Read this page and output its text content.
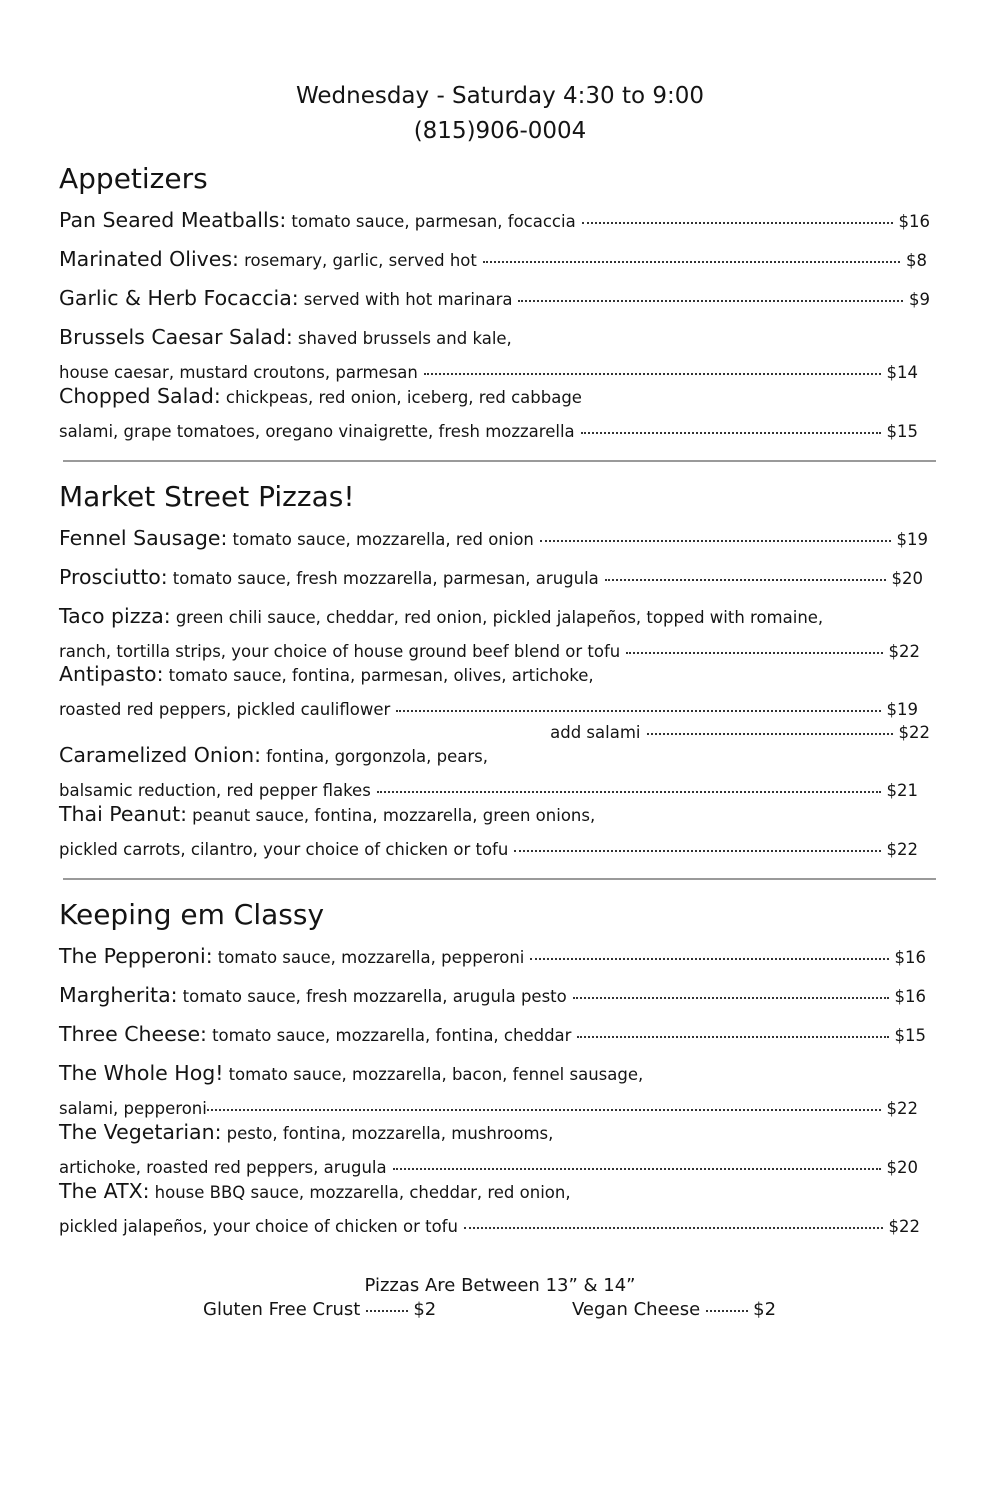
Wednesday - Saturday 4:30 to 9:00
(815)906-0004
Appetizers
Pan Seared Meatballs:
tomato sauce, parmesan, focaccia	$16
Marinated Olives:
rosemary, garlic, served hot	$8
Garlic & Herb Focaccia:
served with hot marinara	$9
Brussels Caesar Salad:
shaved brussels and kale,
house caesar, mustard croutons, parmesan	$14
Chopped Salad:
chickpeas, red onion, iceberg, red cabbage
salami, grape tomatoes, oregano vinaigrette, fresh mozzarella	$15
Market Street Pizzas!
Fennel Sausage:
tomato sauce, mozzarella, red onion	$19
Prosciutto:
tomato sauce, fresh mozzarella, parmesan, arugula	$20
Taco pizza:
green chili sauce, cheddar, red onion, pickled jalapeños, topped with romaine,
ranch, tortilla strips, your choice of house ground beef blend or tofu	$22
Antipasto:
tomato sauce, fontina, parmesan, olives, artichoke,
roasted red peppers, pickled cauliflower	$19
add salami	$22
Caramelized Onion:
fontina, gorgonzola, pears,
balsamic reduction, red pepper flakes	$21
Thai Peanut:
peanut sauce, fontina, mozzarella, green onions,
pickled carrots, cilantro, your choice of chicken or tofu	$22
Keeping em Classy
The Pepperoni:
tomato sauce, mozzarella, pepperoni	$16
Margherita:
tomato sauce, fresh mozzarella, arugula pesto	$16
Three Cheese:
tomato sauce, mozzarella, fontina, cheddar	$15
The Whole Hog!
tomato sauce, mozzarella, bacon, fennel sausage,
salami, pepperoni	$22
The Vegetarian:
pesto, fontina, mozzarella, mushrooms,
artichoke, roasted red peppers, arugula	$20
The ATX:
house BBQ sauce, mozzarella, cheddar, red onion,
pickled jalapeños, your choice of chicken or tofu	$22
Pizzas Are Between 13” & 14”
Gluten Free Crust	$2	Vegan Cheese	$2
